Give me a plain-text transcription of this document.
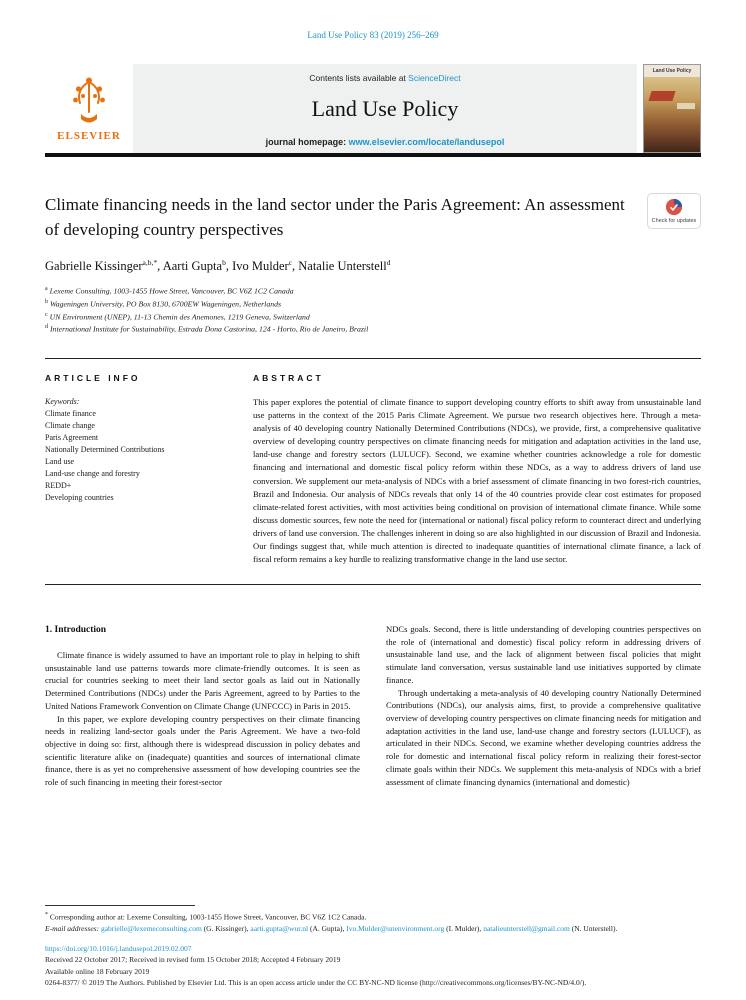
Land Use Policy 83 (2019) 256–269
ELSEVIER
Contents lists available at ScienceDirect
Land Use Policy
journal homepage: www.elsevier.com/locate/landusepol
Land Use Policy
Climate financing needs in the land sector under the Paris Agreement: An assessment of developing country perspectives	Check for updates
Gabrielle Kissinger$^{a,b,*}$, Aarti Gupta$^b$, Ivo Mulder$^c$, Natalie Unterstell$^d$
$^a$ Lexeme Consulting, 1003-1455 Howe Street, Vancouver, BC V6Z 1C2 Canada
$^b$ Wageningen University, PO Box 8130, 6700EW Wageningen, Netherlands
$^c$ UN Environment (UNEP), 11-13 Chemin des Anemones, 1219 Geneva, Switzerland
$^d$ International Institute for Sustainability, Estrada Dona Castorina, 124 - Horto, Rio de Janeiro, Brazil
ARTICLE INFO
Keywords:
Climate finance
Climate change
Paris Agreement
Nationally Determined Contributions
Land use
Land-use change and forestry
REDD+
Developing countries
ABSTRACT

This paper explores the potential of climate finance to support developing country efforts to shift away from unsustainable land use patterns in the context of the 2015 Paris Climate Agreement. We pursue two research objectives here. Through a meta-analysis of 40 developing country Nationally Determined Contributions (NDCs), we provide, first, a comprehensive qualitative overview of developing country perspectives on climate financing needs for mitigation and adaptation activities in the land use, land-use change and forestry sectors (LULUCF). Second, we examine whether countries acknowledge a role for domestic financing and international and domestic fiscal policy reform within these NDCs, as a way to address drivers of land use conversion. We supplement our meta-analysis of NDCs with a brief assessment of climate financing in two forest-rich countries, Brazil and Indonesia. Our analysis of NDCs reveals that only 14 of the 40 countries provide clear cost estimates for proposed climate-related forest activities, with most activities being conditional on provision of international climate finance. While some discuss domestic sources, few note the need for (international or national) fiscal policy reform to counteract direct and underlying drivers of land use conversion. The challenges inherent in doing so are also highlighted in our discussion of Brazil and Indonesia. Our findings suggest that, while much attention is directed to inadequate quantities of international climate finance, a lack of fiscal reform remains a key hurdle to realizing transformative change in the land use sector.

1. Introduction

Climate finance is widely assumed to have an important role to play in helping to shift unsustainable land use patterns towards more climate-friendly outcomes. It is seen as crucial for countries seeking to meet their land sector goals as laid out in Nationally Determined Contributions (NDCs) under the Paris Agreement, agreed to by Parties to the United Nations Framework Convention on Climate Change (UNFCCC) in Paris in 2015.

In this paper, we explore developing country perspectives on their climate financing needs in realizing land-sector goals under the Paris Agreement. We have a two-fold objective in doing so: first, although there is widespread discussion in policy debates and scientific literature alike on (inadequate) quantities and sources of international climate finance, there is as yet no comprehensive assessment of how developing countries see the role of such financing in meeting their forest-sector

NDCs goals. Second, there is little understanding of developing countries perspectives on the role of (international and domestic) fiscal policy reform in addressing drivers of unsustainable land use, and the lack of alignment between fiscal policies that might stimulate land conversation, versus sustainable land use initiatives supported by climate finance.

Through undertaking a meta-analysis of 40 developing country Nationally Determined Contributions (NDCs), our analysis aims, first, to provide a comprehensive qualitative overview of developing country perspectives on climate financing needs for mitigation and adaptation activities in the land use, land-use change and forestry sectors (LULUCF), as articulated in their NDCs. Second, we examine whether developing countries address the role for domestic and international fiscal policy reform in realizing their forest-sector climate goals within their NDCs. We supplement this meta-analysis of NDCs with a brief assessment of climate financing dynamics (international and domestic)

* Corresponding author at: Lexeme Consulting, 1003-1455 Howe Street, Vancouver, BC V6Z 1C2 Canada.

E-mail addresses: gabrielle@lexemeconsulting.com (G. Kissinger), aarti.gupta@wur.nl (A. Gupta), Ivo.Mulder@unenvironment.org (I. Mulder), natalieunterstell@gmail.com (N. Unterstell).

https://doi.org/10.1016/j.landusepol.2019.02.007
Received 22 October 2017; Received in revised form 15 October 2018; Accepted 4 February 2019
Available online 18 February 2019
0264-8377/ © 2019 The Authors. Published by Elsevier Ltd. This is an open access article under the CC BY-NC-ND license (http://creativecommons.org/licenses/BY-NC-ND/4.0/).
